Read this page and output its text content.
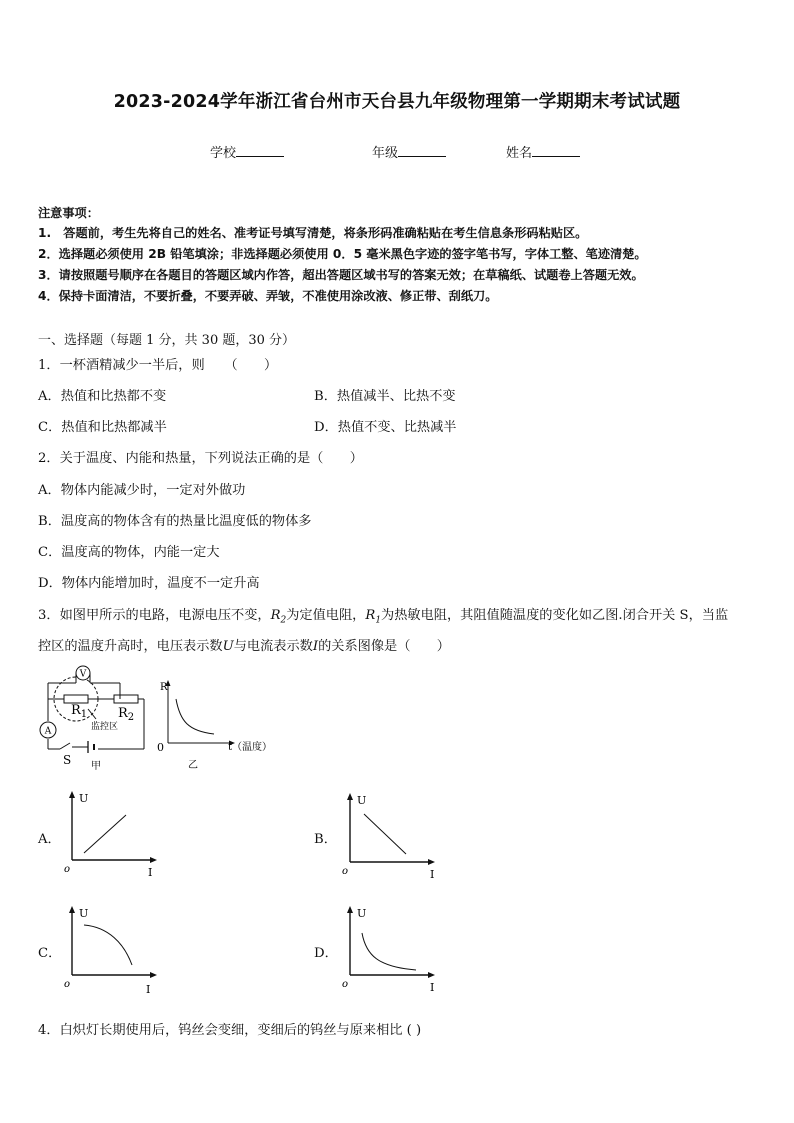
2023-2024学年浙江省台州市天台县九年级物理第一学期期末考试试题
学校	年级	姓名
注意事项：
1.　答题前，考生先将自己的姓名、准考证号填写清楚，将条形码准确粘贴在考生信息条形码粘贴区。
2．选择题必须使用 2B 铅笔填涂；非选择题必须使用 0．5 毫米黑色字迹的签字笔书写，字体工整、笔迹清楚。
3．请按照题号顺序在各题目的答题区域内作答，超出答题区域书写的答案无效；在草稿纸、试题卷上答题无效。
4．保持卡面清洁，不要折叠，不要弄破、弄皱，不准使用涂改液、修正带、刮纸刀。
一、选择题（每题 1 分，共 30 题，30 分）
1．一杯酒精减少一半后，则　　（　　）
A．热值和比热都不变	B．热值减半、比热不变
C．热值和比热都减半	D．热值不变、比热减半
2．关于温度、内能和热量，下列说法正确的是（　　）
A．物体内能减少时，一定对外做功
B．温度高的物体含有的热量比温度低的物体多
C．温度高的物体，内能一定大
D．物体内能增加时，温度不一定升高
3．如图甲所示的电路，电源电压不变，$R_2$为定值电阻，$R_1$为热敏电阻，其阻值随温度的变化如乙图.闭合开关 S，当监
控区的温度升高时，电压表示数U与电流表示数I的关系图像是（　　）
V
A
$R_1$ $R_2$
监控区
S 甲
R
0	t（温度）
乙
A．
U
o	I
B．
U
o	I
C．
U
o	I
D．
U
o	I
4．白炽灯长期使用后，钨丝会变细，变细后的钨丝与原来相比 ( )
